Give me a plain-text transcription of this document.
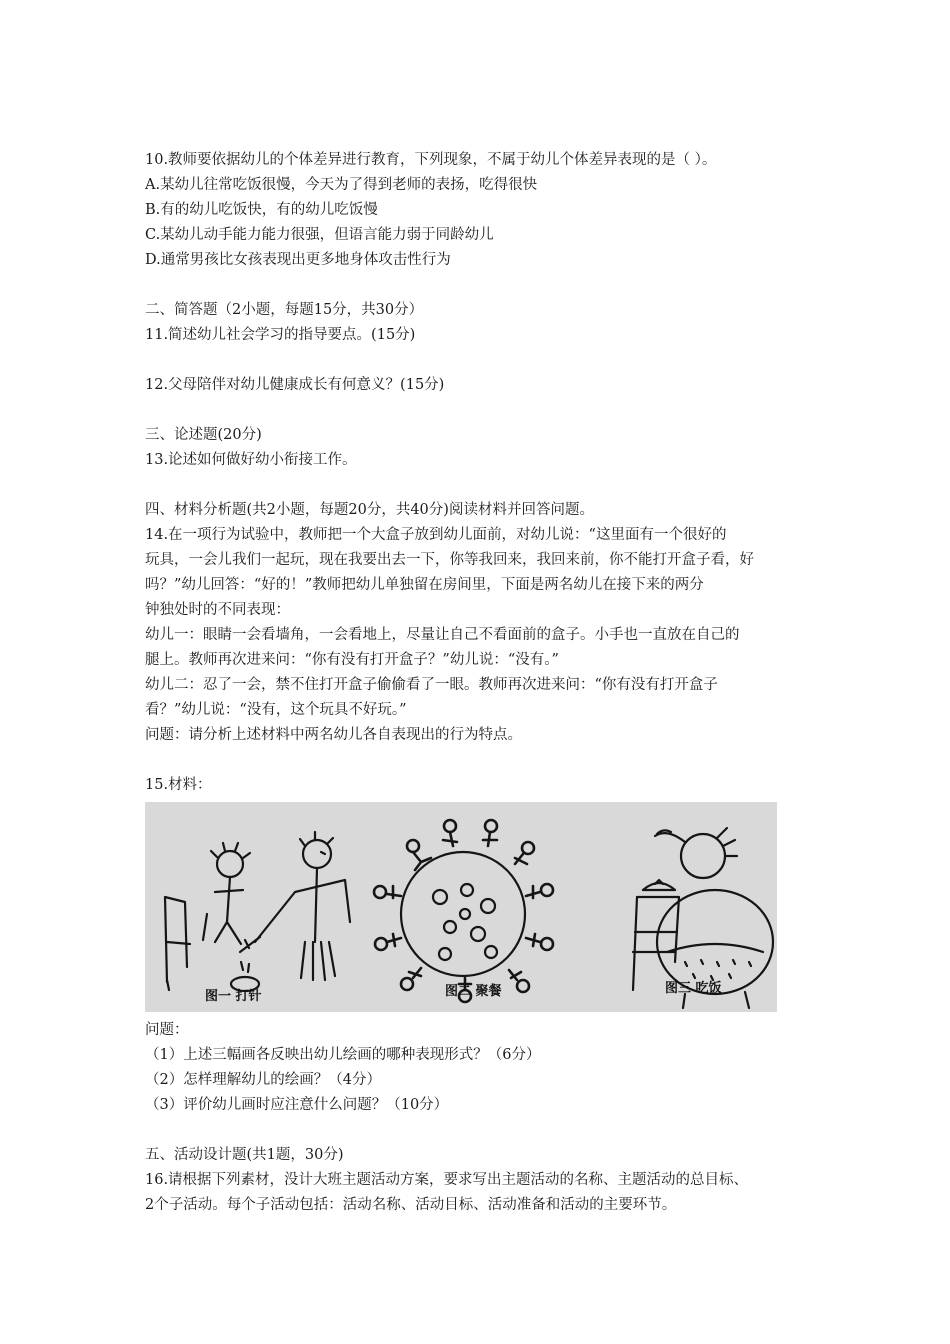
10.教师要依据幼儿的个体差异进行教育，下列现象，不属于幼儿个体差异表现的是（ ）。
A.某幼儿往常吃饭很慢，今天为了得到老师的表扬，吃得很快
B.有的幼儿吃饭快，有的幼儿吃饭慢
C.某幼儿动手能力能力很强，但语言能力弱于同龄幼儿
D.通常男孩比女孩表现出更多地身体攻击性行为
二、简答题（2小题，每题15分，共30分）
11.简述幼儿社会学习的指导要点。(15分)
12.父母陪伴对幼儿健康成长有何意义？(15分)
三、论述题(20分)
13.论述如何做好幼小衔接工作。
四、材料分析题(共2小题，每题20分，共40分)阅读材料并回答问题。
14.在一项行为试验中，教师把一个大盒子放到幼儿面前，对幼儿说：“这里面有一个很好的
玩具，一会儿我们一起玩，现在我要出去一下，你等我回来，我回来前，你不能打开盒子看，好
吗？”幼儿回答：“好的！”教师把幼儿单独留在房间里，下面是两名幼儿在接下来的两分
钟独处时的不同表现：
幼儿一：眼睛一会看墙角，一会看地上，尽量让自己不看面前的盒子。小手也一直放在自己的
腿上。教师再次进来问：“你有没有打开盒子？”幼儿说：“没有。”
幼儿二：忍了一会，禁不住打开盒子偷偷看了一眼。教师再次进来问：“你有没有打开盒子
看？”幼儿说：“没有，这个玩具不好玩。”
问题：请分析上述材料中两名幼儿各自表现出的行为特点。
15.材料：
图一 打针	图二 聚餐	图三 吃饭
问题：
（1）上述三幅画各反映出幼儿绘画的哪种表现形式？（6分）
（2）怎样理解幼儿的绘画？（4分）
（3）评价幼儿画时应注意什么问题？（10分）
五、活动设计题(共1题，30分)
16.请根据下列素材，没计大班主题活动方案，要求写出主题活动的名称、主题活动的总目标、
2个子活动。每个子活动包括：活动名称、活动目标、活动准备和活动的主要环节。
